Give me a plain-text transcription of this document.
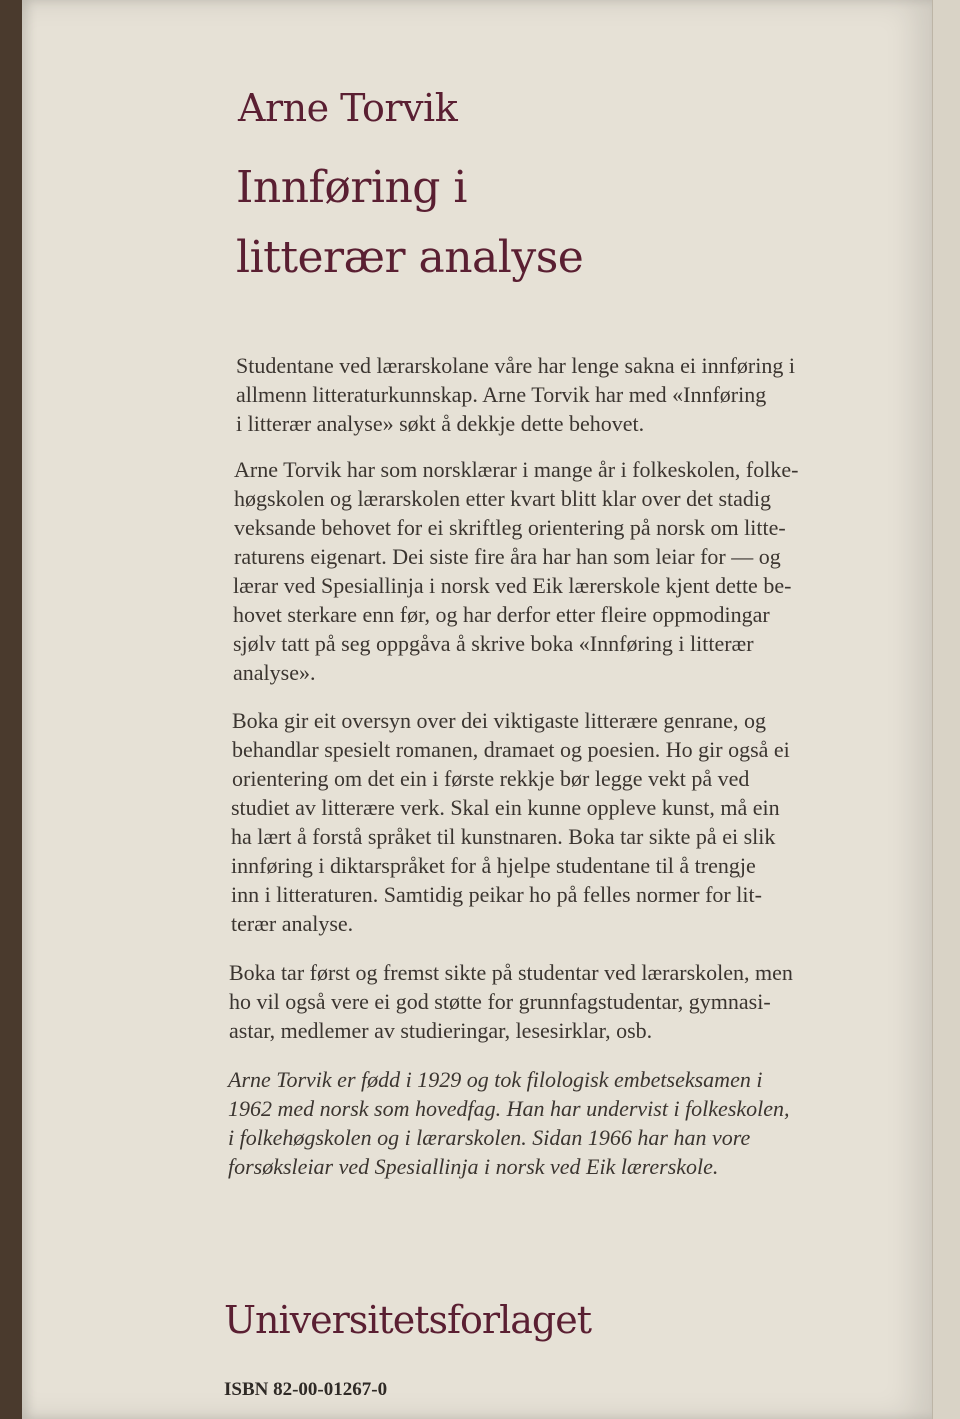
Arne Torvik
Innføring i
litterær analyse
Studentane ved lærarskolane våre har lenge sakna ei innføring i
allmenn litteraturkunnskap. Arne Torvik har med «Innføring
i litterær analyse» søkt å dekkje dette behovet.
Arne Torvik har som norsklærar i mange år i folkeskolen, folke-
høgskolen og lærarskolen etter kvart blitt klar over det stadig
veksande behovet for ei skriftleg orientering på norsk om litte-
raturens eigenart. Dei siste fire åra har han som leiar for — og
lærar ved Spesiallinja i norsk ved Eik lærerskole kjent dette be-
hovet sterkare enn før, og har derfor etter fleire oppmodingar
sjølv tatt på seg oppgåva å skrive boka «Innføring i litterær
analyse».
Boka gir eit oversyn over dei viktigaste litterære genrane, og
behandlar spesielt romanen, dramaet og poesien. Ho gir også ei
orientering om det ein i første rekkje bør legge vekt på ved
studiet av litterære verk. Skal ein kunne oppleve kunst, må ein
ha lært å forstå språket til kunstnaren. Boka tar sikte på ei slik
innføring i diktarspråket for å hjelpe studentane til å trengje
inn i litteraturen. Samtidig peikar ho på felles normer for lit-
terær analyse.
Boka tar først og fremst sikte på studentar ved lærarskolen, men
ho vil også vere ei god støtte for grunnfagstudentar, gymnasi-
astar, medlemer av studieringar, lesesirklar, osb.
Arne Torvik er fødd i 1929 og tok filologisk embetseksamen i
1962 med norsk som hovedfag. Han har undervist i folkeskolen,
i folkehøgskolen og i lærarskolen. Sidan 1966 har han vore
forsøksleiar ved Spesiallinja i norsk ved Eik lærerskole.
Universitetsforlaget
ISBN 82-00-01267-0
